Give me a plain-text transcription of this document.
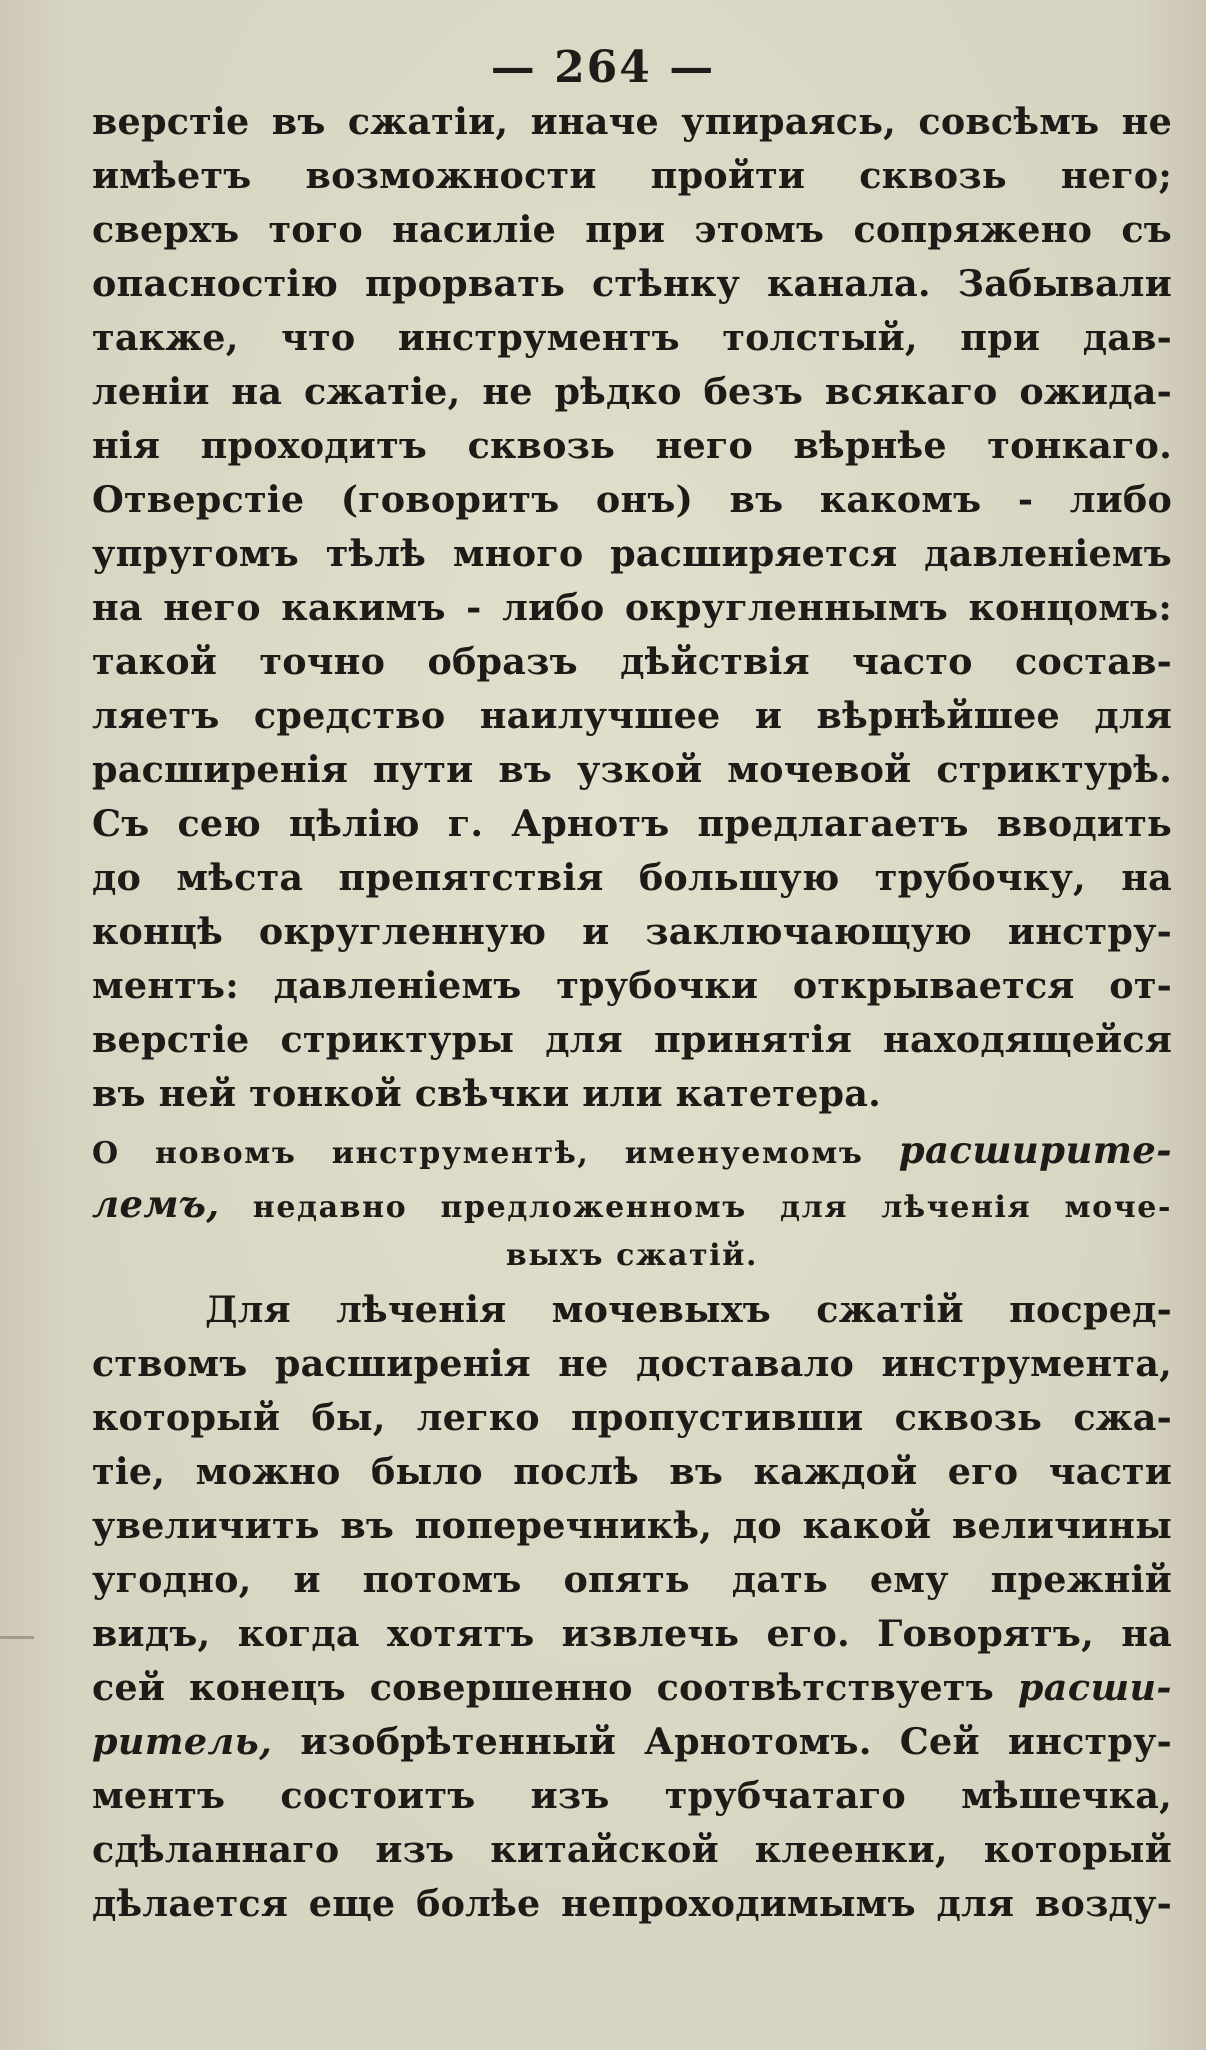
— 264 —
верстіе въ сжатіи, иначе упираясь, совсѣмъ не
имѣетъ возможности пройти сквозь него;
сверхъ того насиліе при этомъ сопряжено съ
опасностію прорвать стѣнку канала. Забывали
также, что инструментъ толстый, при дав-
леніи на сжатіе, не рѣдко безъ всякаго ожида-
нія проходитъ сквозь него вѣрнѣе тонкаго.
Отверстіе (говоритъ онъ) въ какомъ - либо
упругомъ тѣлѣ много расширяется давленіемъ
на него какимъ - либо округленнымъ концомъ:
такой точно образъ дѣйствія часто состав-
ляетъ средство наилучшее и вѣрнѣйшее для
расширенія пути въ узкой мочевой стриктурѣ.
Съ сею цѣлію г. Арнотъ предлагаетъ вводить
до мѣста препятствія большую трубочку, на
концѣ округленную и заключающую инстру-
ментъ: давленіемъ трубочки открывается от-
верстіе стриктуры для принятія находящейся
въ ней тонкой свѣчки или катетера.
О новомъ инструментѣ, именуемомъ расширите-
лемъ, недавно предложенномъ для лѣченія моче-
выхъ сжатій.
Для лѣченія мочевыхъ сжатій посред-
ствомъ расширенія не доставало инструмента,
который бы, легко пропустивши сквозь сжа-
тіе, можно было послѣ въ каждой его части
увеличить въ поперечникѣ, до какой величины
угодно, и потомъ опять дать ему прежній
видъ, когда хотятъ извлечь его. Говорятъ, на
сей конецъ совершенно соотвѣтствуетъ расши-
ритель, изобрѣтенный Арнотомъ. Сей инстру-
ментъ состоитъ изъ трубчатаго мѣшечка,
сдѣланнаго изъ китайской клеенки, который
дѣлается еще болѣе непроходимымъ для возду-
